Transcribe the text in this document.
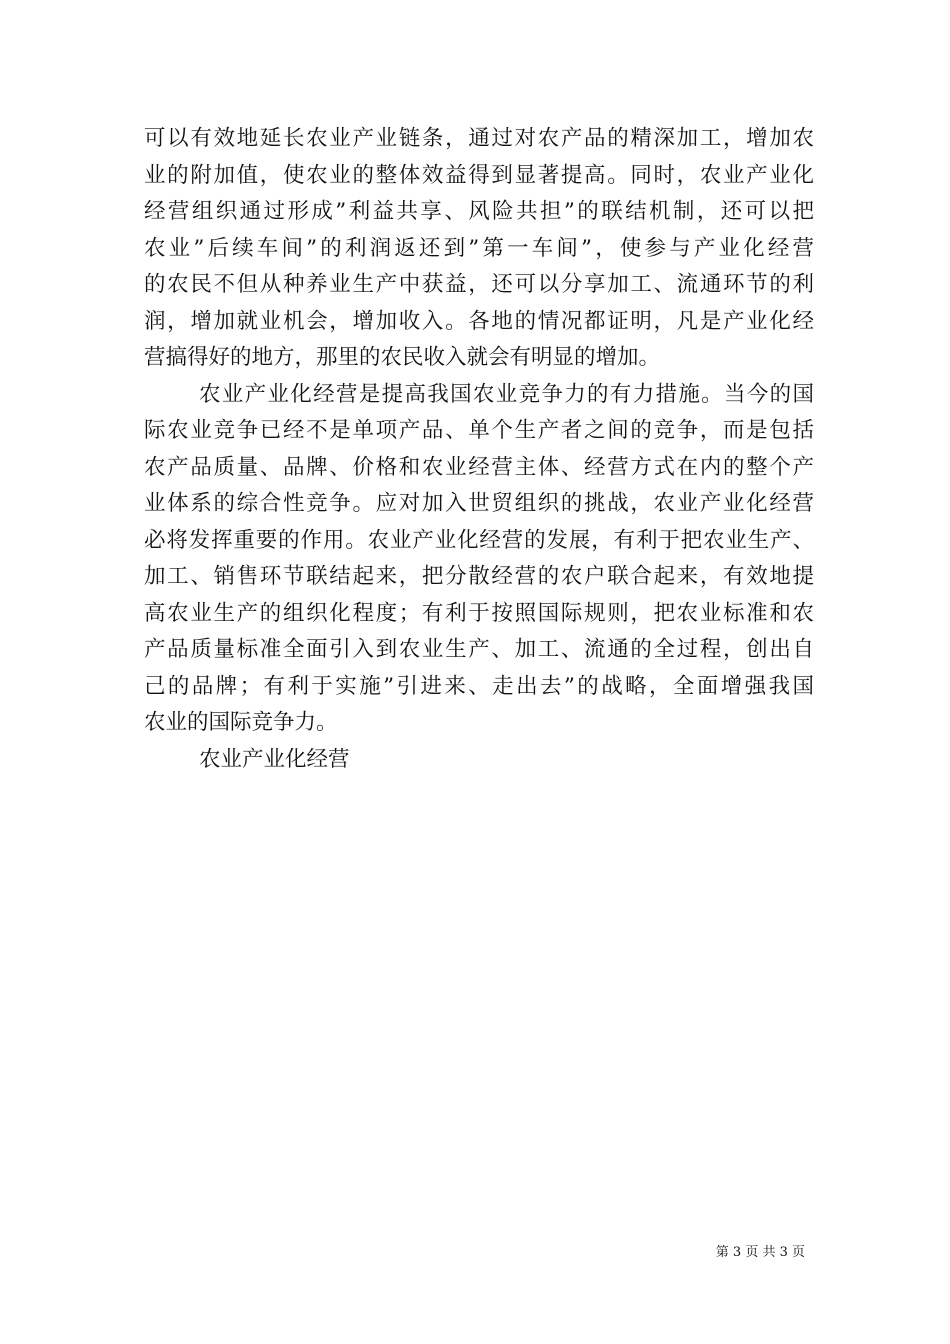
可以有效地延长农业产业链条，通过对农产品的精深加工，增加农
业的附加值，使农业的整体效益得到显著提高。同时，农业产业化
经营组织通过形成”利益共享、风险共担”的联结机制，还可以把
农业”后续车间”的利润返还到”第一车间”，使参与产业化经营
的农民不但从种养业生产中获益，还可以分享加工、流通环节的利
润，增加就业机会，增加收入。各地的情况都证明，凡是产业化经
营搞得好的地方，那里的农民收入就会有明显的增加。
农业产业化经营是提高我国农业竞争力的有力措施。当今的国
际农业竞争已经不是单项产品、单个生产者之间的竞争，而是包括
农产品质量、品牌、价格和农业经营主体、经营方式在内的整个产
业体系的综合性竞争。应对加入世贸组织的挑战，农业产业化经营
必将发挥重要的作用。农业产业化经营的发展，有利于把农业生产、
加工、销售环节联结起来，把分散经营的农户联合起来，有效地提
高农业生产的组织化程度；有利于按照国际规则，把农业标准和农
产品质量标准全面引入到农业生产、加工、流通的全过程，创出自
己的品牌；有利于实施”引进来、走出去”的战略，全面增强我国
农业的国际竞争力。
农业产业化经营
第 3 页 共 3 页
